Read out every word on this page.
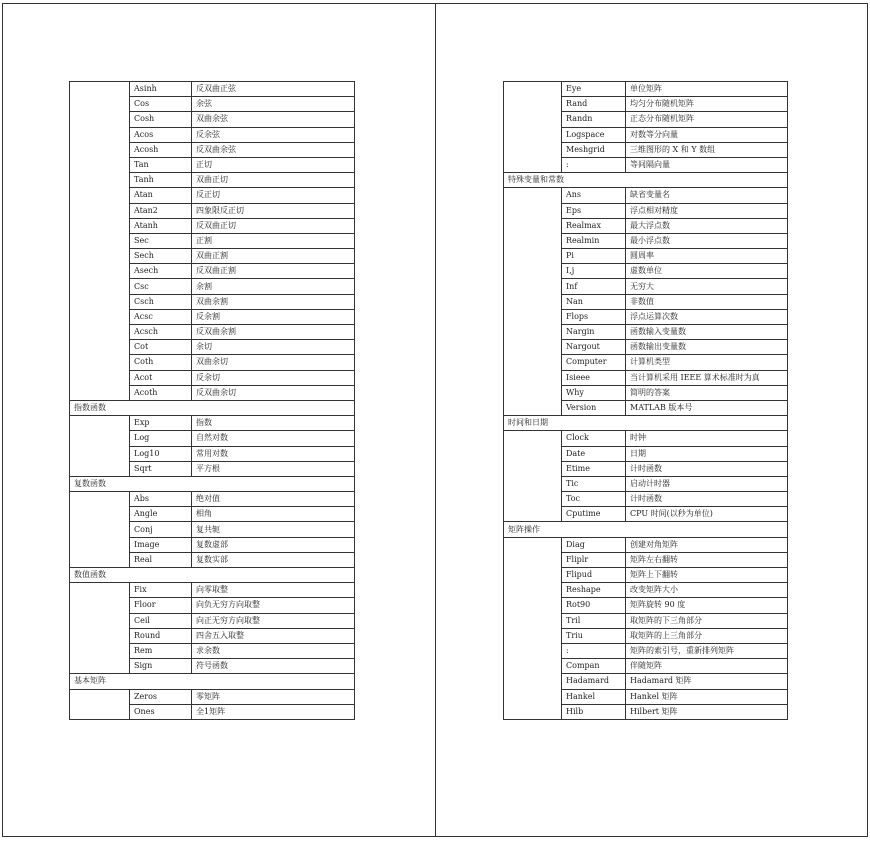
	Asinh	反双曲正弦
	Cos	余弦
	Cosh	双曲余弦
	Acos	反余弦
	Acosh	反双曲余弦
	Tan	正切
	Tanh	双曲正切
	Atan	反正切
	Atan2	四象限反正切
	Atanh	反双曲正切
	Sec	正割
	Sech	双曲正割
	Asech	反双曲正割
	Csc	余割
	Csch	双曲余割
	Acsc	反余割
	Acsch	反双曲余割
	Cot	余切
	Coth	双曲余切
	Acot	反余切
	Acoth	反双曲余切
指数函数		
	Exp	指数
	Log	自然对数
	Log10	常用对数
	Sqrt	平方根
复数函数		
	Abs	绝对值
	Angle	相角
	Conj	复共轭
	Image	复数虚部
	Real	复数实部
数值函数		
	Fix	向零取整
	Floor	向负无穷方向取整
	Ceil	向正无穷方向取整
	Round	四舍五入取整
	Rem	求余数
	Sign	符号函数
基本矩阵		
	Zeros	零矩阵
	Ones	全1矩阵
	Eye	单位矩阵
	Rand	均匀分布随机矩阵
	Randn	正态分布随机矩阵
	Logspace	对数等分向量
	Meshgrid	三维图形的 X 和 Y 数组
	:	等间隔向量
特殊变量和常数		
	Ans	缺省变量名
	Eps	浮点相对精度
	Realmax	最大浮点数
	Realmin	最小浮点数
	Pi	圆周率
	I,j	虚数单位
	Inf	无穷大
	Nan	非数值
	Flops	浮点运算次数
	Nargin	函数输入变量数
	Nargout	函数输出变量数
	Computer	计算机类型
	Isieee	当计算机采用 IEEE 算术标准时为真
	Why	简明的答案
	Version	MATLAB 版本号
时间和日期		
	Clock	时钟
	Date	日期
	Etime	计时函数
	Tic	启动计时器
	Toc	计时函数
	Cputime	CPU 时间(以秒为单位)
矩阵操作		
	Diag	创建对角矩阵
	Fliplr	矩阵左右翻转
	Flipud	矩阵上下翻转
	Reshape	改变矩阵大小
	Rot90	矩阵旋转 90 度
	Tril	取矩阵的下三角部分
	Triu	取矩阵的上三角部分
	:	矩阵的索引号，重新排列矩阵
	Compan	伴随矩阵
	Hadamard	Hadamard 矩阵
	Hankel	Hankel 矩阵
	Hilb	Hilbert 矩阵
